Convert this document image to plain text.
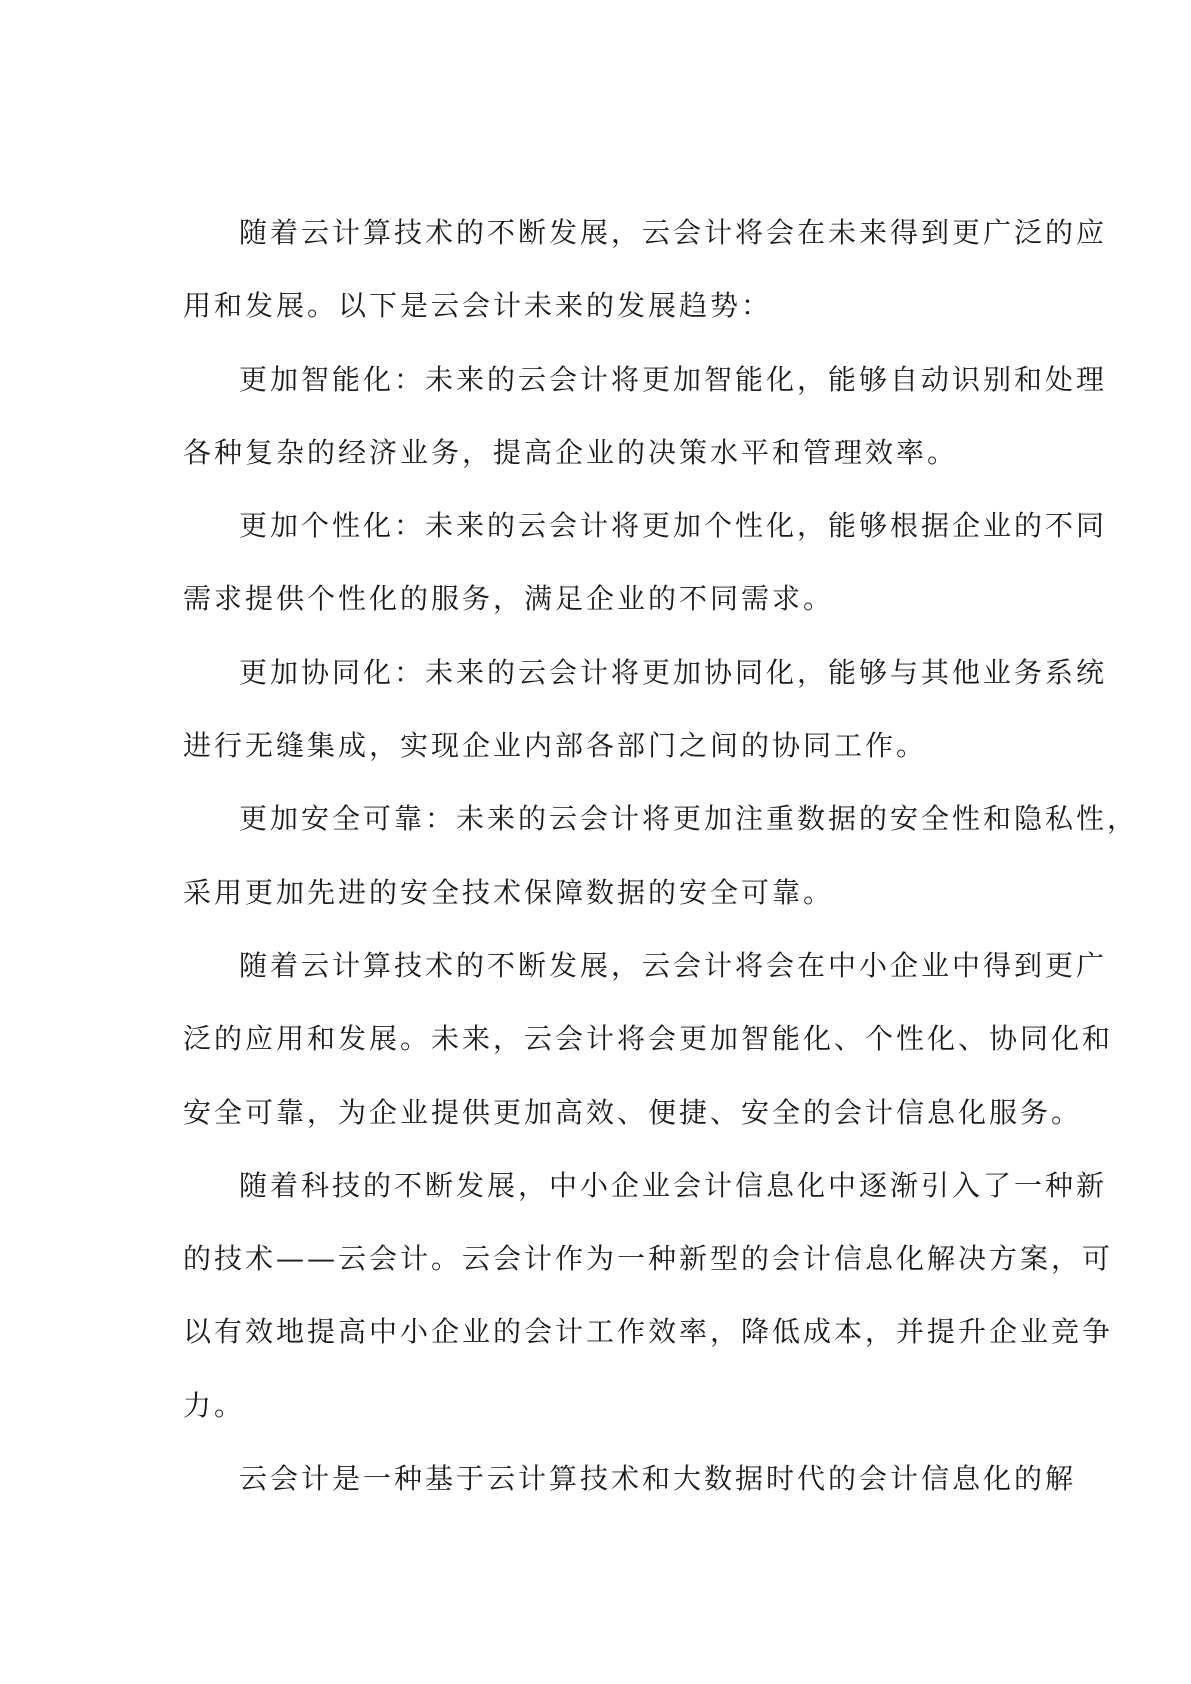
随着云计算技术的不断发展，云会计将会在未来得到更广泛的应
用和发展。以下是云会计未来的发展趋势：

更加智能化：未来的云会计将更加智能化，能够自动识别和处理
各种复杂的经济业务，提高企业的决策水平和管理效率。

更加个性化：未来的云会计将更加个性化，能够根据企业的不同
需求提供个性化的服务，满足企业的不同需求。

更加协同化：未来的云会计将更加协同化，能够与其他业务系统
进行无缝集成，实现企业内部各部门之间的协同工作。

更加安全可靠：未来的云会计将更加注重数据的安全性和隐私性，
采用更加先进的安全技术保障数据的安全可靠。

随着云计算技术的不断发展，云会计将会在中小企业中得到更广
泛的应用和发展。未来，云会计将会更加智能化、个性化、协同化和
安全可靠，为企业提供更加高效、便捷、安全的会计信息化服务。

随着科技的不断发展，中小企业会计信息化中逐渐引入了一种新
的技术——云会计。云会计作为一种新型的会计信息化解决方案，可
以有效地提高中小企业的会计工作效率，降低成本，并提升企业竞争
力。

云会计是一种基于云计算技术和大数据时代的会计信息化的解
